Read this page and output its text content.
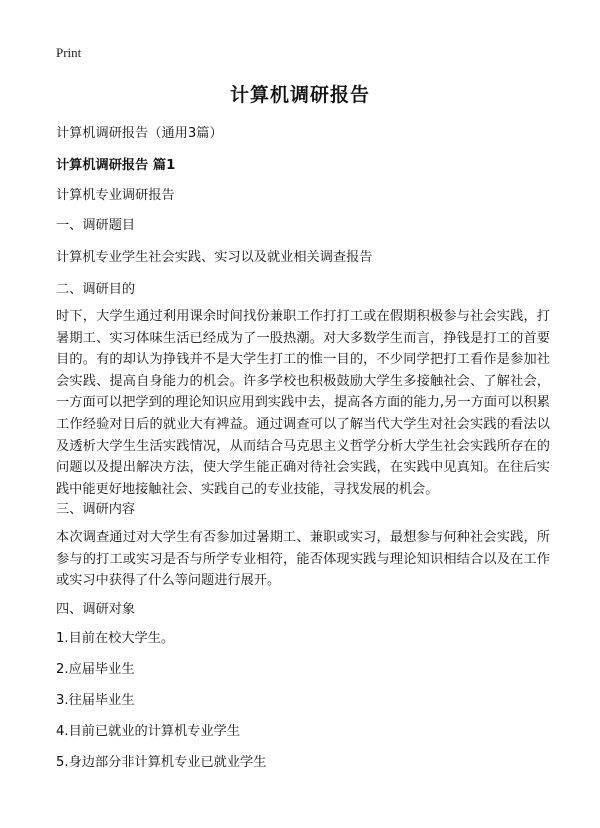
Print
计算机调研报告
计算机调研报告（通用3篇）
计算机调研报告 篇1
计算机专业调研报告
一、调研题目
计算机专业学生社会实践、实习以及就业相关调查报告
二、调研目的
时下，大学生通过利用课余时间找份兼职工作打打工或在假期积极参与社会实践，打暑期工、实习体味生活已经成为了一股热潮。对大多数学生而言，挣钱是打工的首要目的。有的却认为挣钱并不是大学生打工的惟一目的，不少同学把打工看作是参加社会实践、提高自身能力的机会。许多学校也积极鼓励大学生多接触社会、了解社会，一方面可以把学到的理论知识应用到实践中去，提高各方面的能力,另一方面可以积累工作经验对日后的就业大有裨益。通过调查可以了解当代大学生对社会实践的看法以及透析大学生生活实践情况，从而结合马克思主义哲学分析大学生社会实践所存在的问题以及提出解决方法，使大学生能正确对待社会实践，在实践中见真知。在往后实践中能更好地接触社会、实践自己的专业技能，寻找发展的机会。
三、调研内容
本次调查通过对大学生有否参加过暑期工、兼职或实习，最想参与何种社会实践，所参与的打工或实习是否与所学专业相符，能否体现实践与理论知识相结合以及在工作或实习中获得了什么等问题进行展开。
四、调研对象
1.目前在校大学生。
2.应届毕业生
3.往届毕业生
4.目前已就业的计算机专业学生
5.身边部分非计算机专业已就业学生
